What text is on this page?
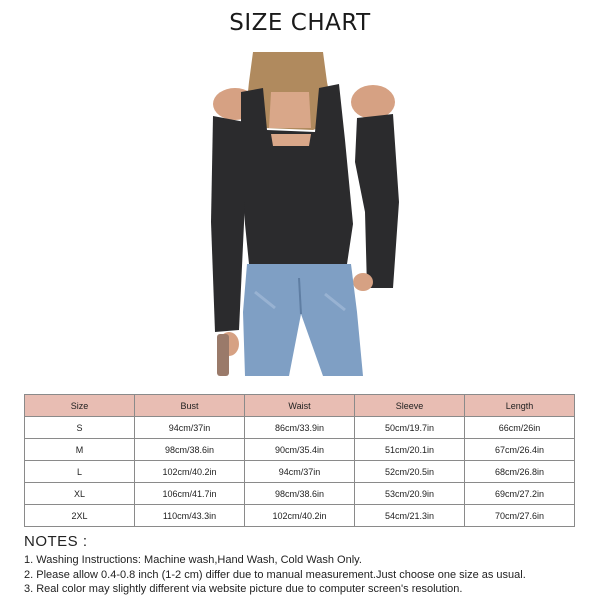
SIZE CHART
Size	Bust	Waist	Sleeve	Length
S	94cm/37in	86cm/33.9in	50cm/19.7in	66cm/26in
M	98cm/38.6in	90cm/35.4in	51cm/20.1in	67cm/26.4in
L	102cm/40.2in	94cm/37in	52cm/20.5in	68cm/26.8in
XL	106cm/41.7in	98cm/38.6in	53cm/20.9in	69cm/27.2in
2XL	110cm/43.3in	102cm/40.2in	54cm/21.3in	70cm/27.6in
NOTES :
1. Washing Instructions: Machine wash,Hand Wash, Cold Wash Only.
2. Please allow 0.4-0.8 inch (1-2 cm) differ due to manual measurement.Just choose one size as usual.
3. Real color may slightly different via website picture due to computer screen's resolution.
